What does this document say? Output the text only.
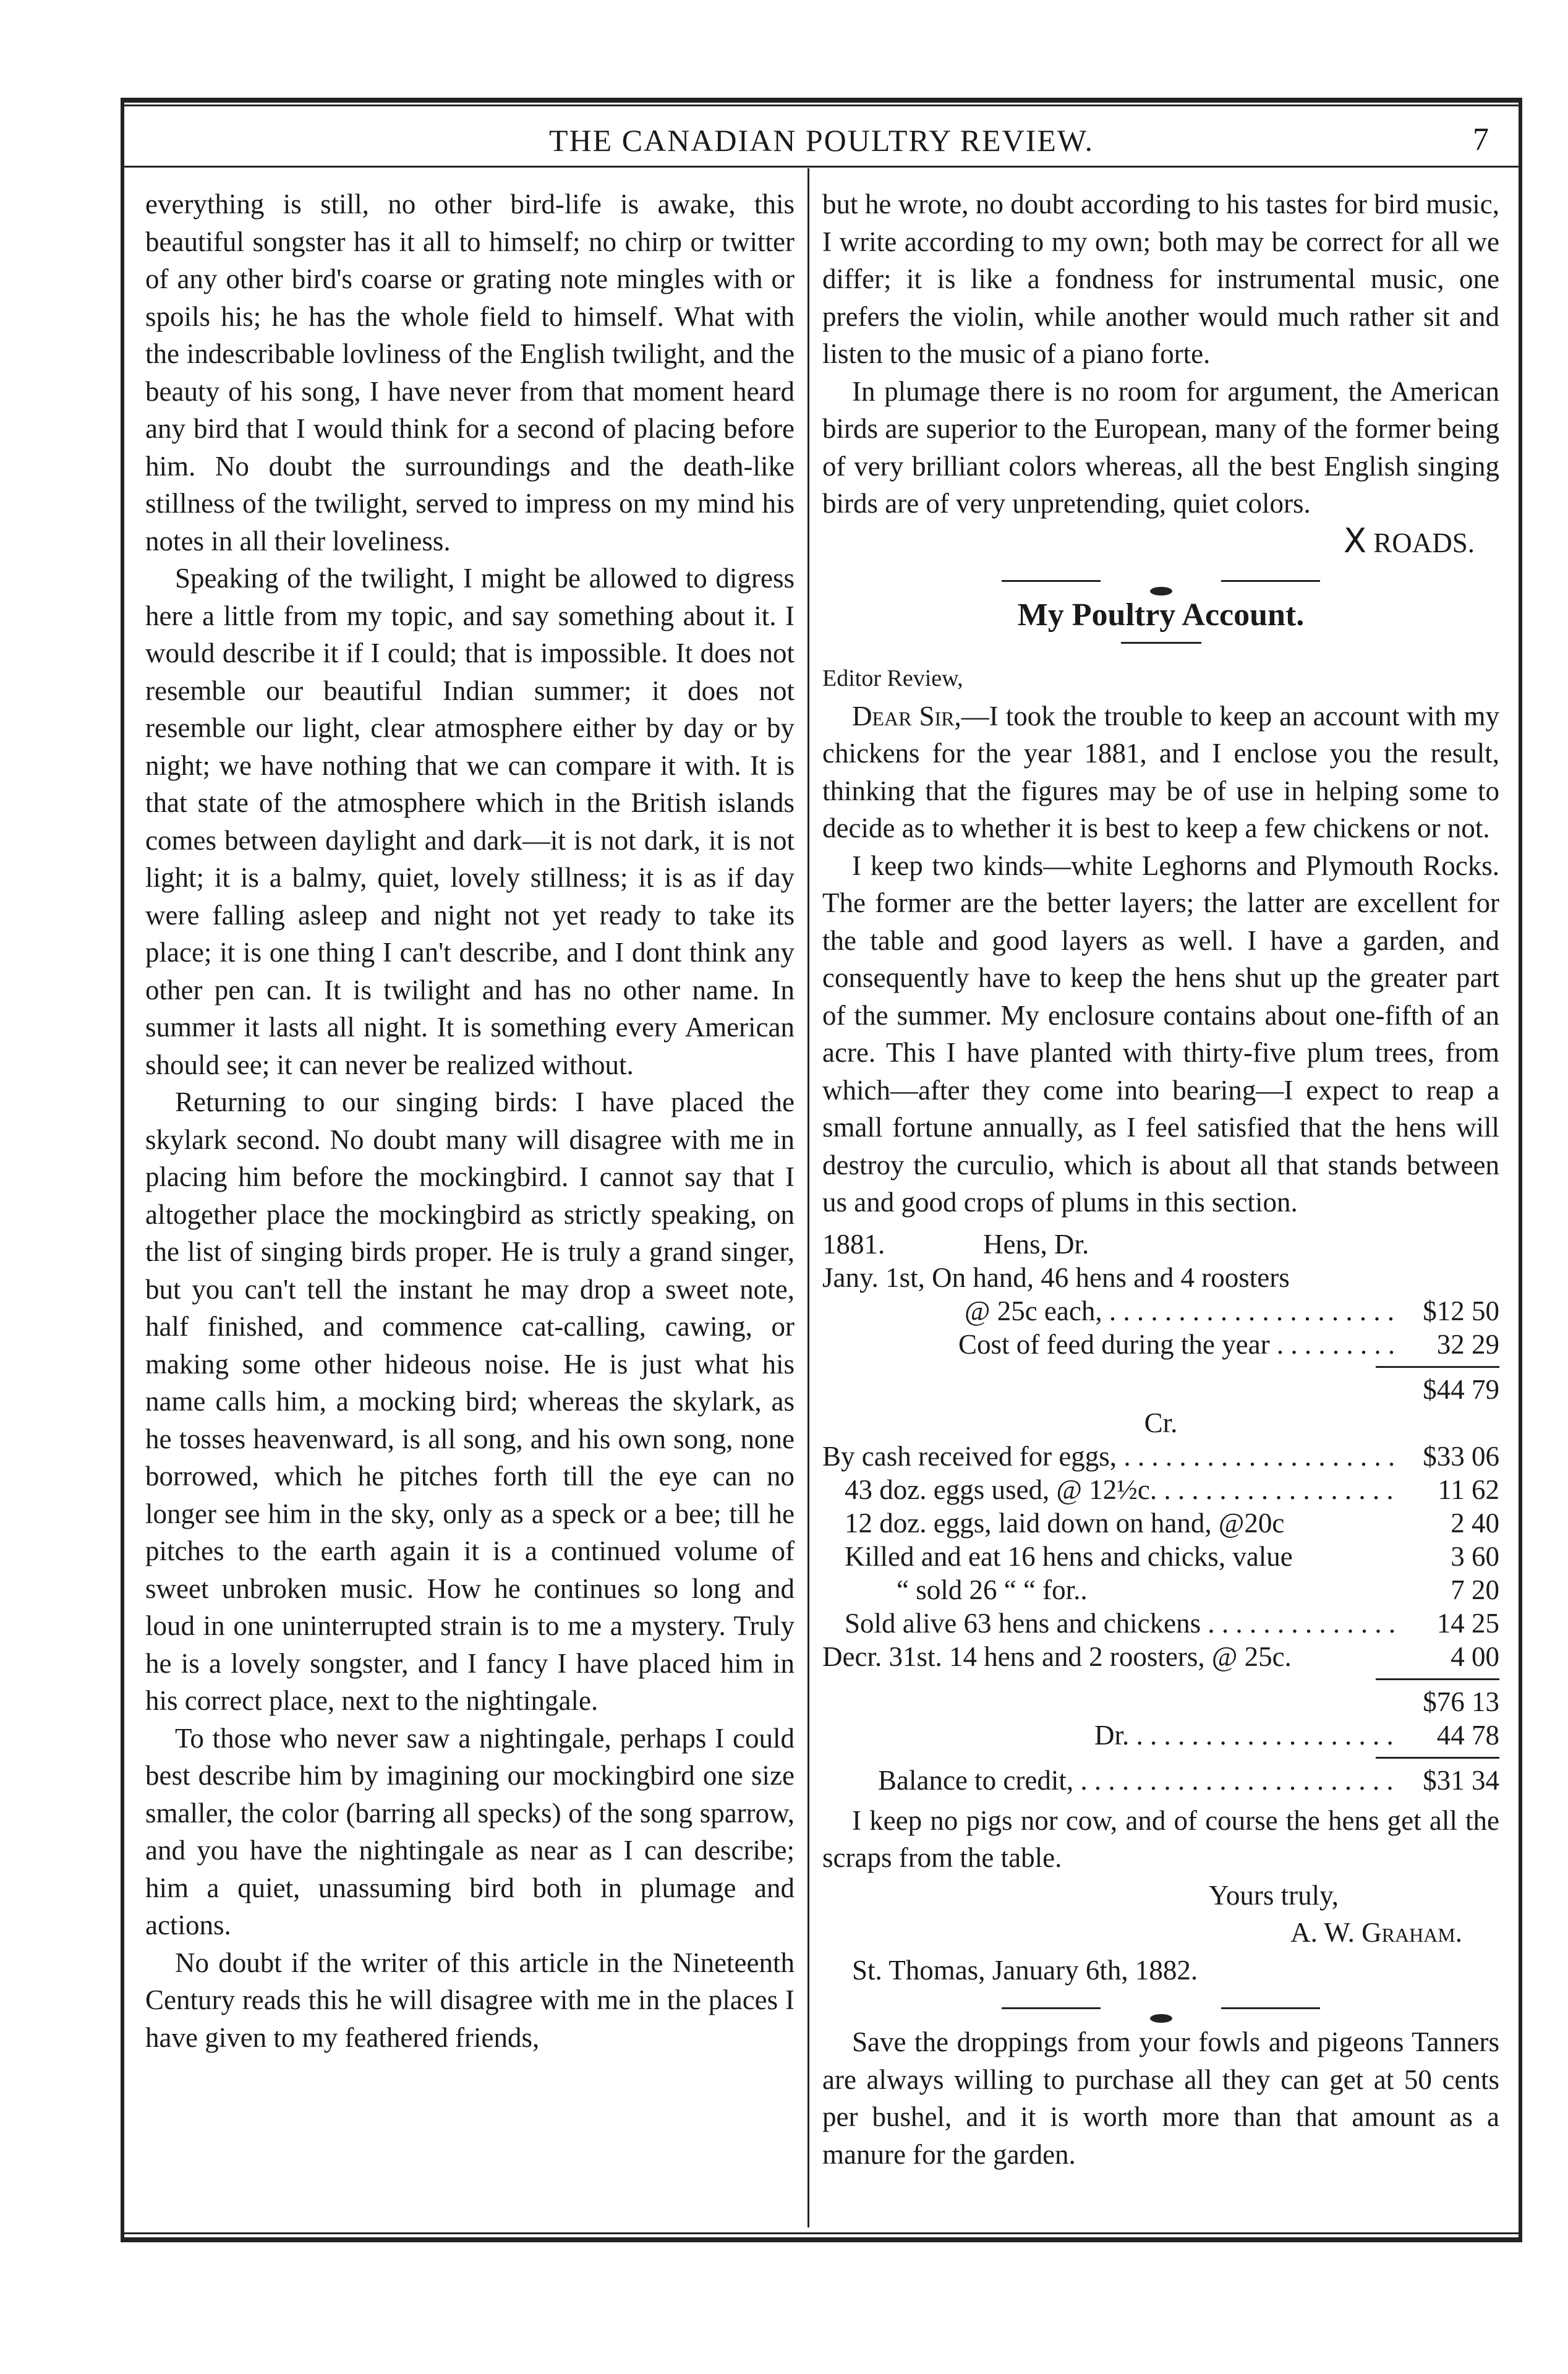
THE CANADIAN POULTRY REVIEW.	7

everything is still, no other bird-life is awake, this beautiful songster has it all to himself; no chirp or twitter of any other bird's coarse or grating note mingles with or spoils his; he has the whole field to himself. What with the indescribable lovliness of the English twilight, and the beauty of his song, I have never from that moment heard any bird that I would think for a second of placing before him. No doubt the surroundings and the death-like stillness of the twilight, served to impress on my mind his notes in all their loveliness.

Speaking of the twilight, I might be allowed to digress here a little from my topic, and say something about it. I would describe it if I could; that is impossible. It does not resemble our beautiful Indian summer; it does not resemble our light, clear atmosphere either by day or by night; we have nothing that we can compare it with. It is that state of the atmosphere which in the British islands comes between daylight and dark—it is not dark, it is not light; it is a balmy, quiet, lovely stillness; it is as if day were falling asleep and night not yet ready to take its place; it is one thing I can't describe, and I dont think any other pen can. It is twilight and has no other name. In summer it lasts all night. It is something every American should see; it can never be realized without.

Returning to our singing birds: I have placed the skylark second. No doubt many will disagree with me in placing him before the mockingbird. I cannot say that I altogether place the mockingbird as strictly speaking, on the list of singing birds proper. He is truly a grand singer, but you can't tell the instant he may drop a sweet note, half finished, and commence cat-calling, cawing, or making some other hideous noise. He is just what his name calls him, a mocking bird; whereas the skylark, as he tosses heavenward, is all song, and his own song, none borrowed, which he pitches forth till the eye can no longer see him in the sky, only as a speck or a bee; till he pitches to the earth again it is a continued volume of sweet unbroken music. How he continues so long and loud in one uninterrupted strain is to me a mystery. Truly he is a lovely songster, and I fancy I have placed him in his correct place, next to the nightingale.

To those who never saw a nightingale, perhaps I could best describe him by imagining our mockingbird one size smaller, the color (barring all specks) of the song sparrow, and you have the nightingale as near as I can describe; him a quiet, unassuming bird both in plumage and actions.

No doubt if the writer of this article in the Nineteenth Century reads this he will disagree with me in the places I have given to my feathered friends,

but he wrote, no doubt according to his tastes for bird music, I write according to my own; both may be correct for all we differ; it is like a fondness for instrumental music, one prefers the violin, while another would much rather sit and listen to the music of a piano forte.

In plumage there is no room for argument, the American birds are superior to the European, many of the former being of very brilliant colors whereas, all the best English singing birds are of very unpretending, quiet colors.

X ROADS.
My Poultry Account.
Editor Review,

Dear Sir,—I took the trouble to keep an account with my chickens for the year 1881, and I enclose you the result, thinking that the figures may be of use in helping some to decide as to whether it is best to keep a few chickens or not.

I keep two kinds—white Leghorns and Plymouth Rocks. The former are the better layers; the latter are excellent for the table and good layers as well. I have a garden, and consequently have to keep the hens shut up the greater part of the summer. My enclosure contains about one-fifth of an acre. This I have planted with thirty-five plum trees, from which—after they come into bearing—I expect to reap a small fortune annually, as I feel satisfied that the hens will destroy the curculio, which is about all that stands between us and good crops of plums in this section.

1881.	Hens, Dr.
Jany. 1st, On hand, 46 hens and 4 roosters
@ 25c each, . . .	$12 50
Cost of feed during the year . . .	32 29
$44 79
Cr.
By cash received for eggs, . . .	$33 06
43 doz. eggs used, @ 12½c. . . .	11 62
12 doz. eggs, laid down on hand, @20c	2 40
Killed and eat 16 hens and chicks, value	3 60
“ sold 26 “ “ for..	7 20
Sold alive 63 hens and chickens . . .	14 25
Decr. 31st. 14 hens and 2 roosters, @ 25c.	4 00
$76 13
Dr. . . .	44 78
Balance to credit, . . .	$31 34

I keep no pigs nor cow, and of course the hens get all the scraps from the table.

Yours truly,
A. W. Graham.
St. Thomas, January 6th, 1882.

Save the droppings from your fowls and pigeons Tanners are always willing to purchase all they can get at 50 cents per bushel, and it is worth more than that amount as a manure for the garden.
